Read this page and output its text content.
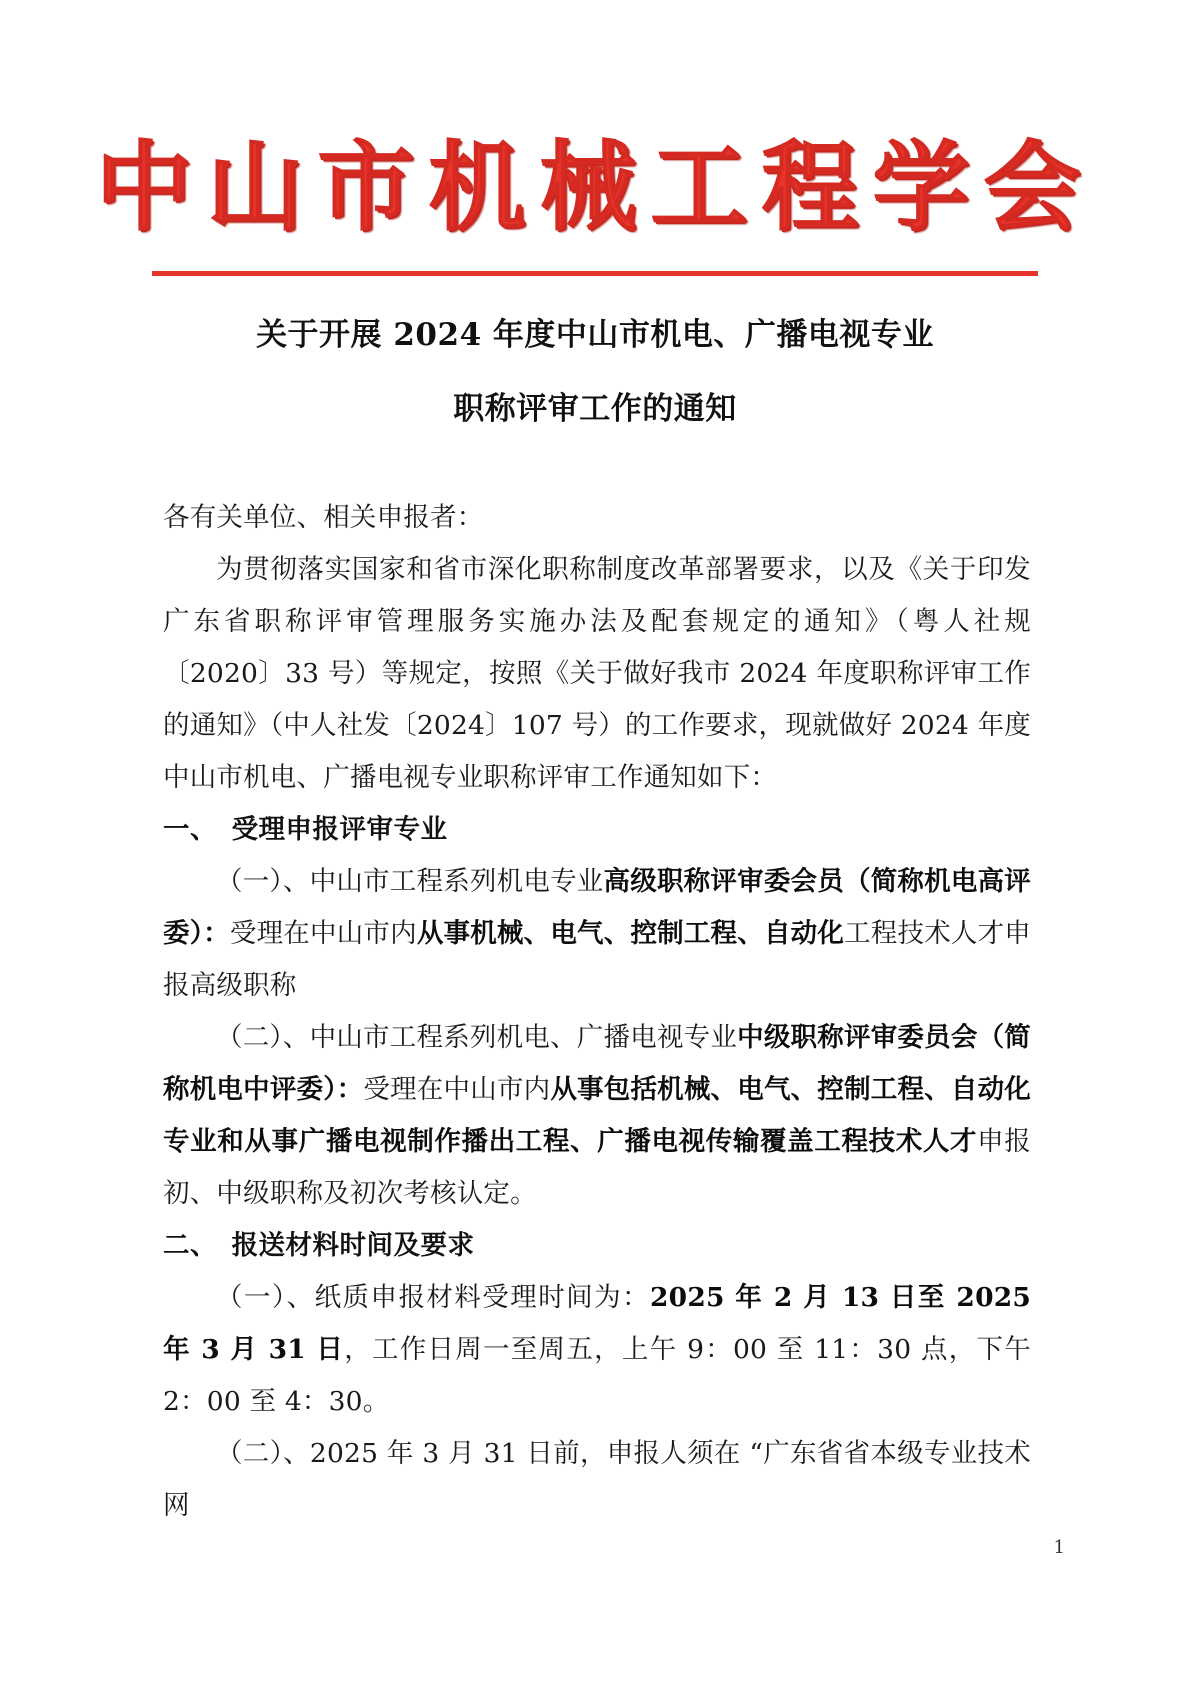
中山市机械工程学会
关于开展 2024 年度中山市机电、广播电视专业
职称评审工作的通知

各有关单位、相关申报者：

为贯彻落实国家和省市深化职称制度改革部署要求，以及《关于印发广东省职称评审管理服务实施办法及配套规定的通知》（粤人社规〔2020〕33 号）等规定，按照《关于做好我市 2024 年度职称评审工作的通知》（中人社发〔2024〕107 号）的工作要求，现就做好 2024 年度中山市机电、广播电视专业职称评审工作通知如下：

一、 受理申报评审专业

（一）、中山市工程系列机电专业高级职称评审委会员（简称机电高评委）：受理在中山市内从事机械、电气、控制工程、自动化工程技术人才申报高级职称

（二）、中山市工程系列机电、广播电视专业中级职称评审委员会（简称机电中评委）：受理在中山市内从事包括机械、电气、控制工程、自动化专业和从事广播电视制作播出工程、广播电视传输覆盖工程技术人才申报初、中级职称及初次考核认定。

二、 报送材料时间及要求

（一）、纸质申报材料受理时间为：2025 年 2 月 13 日至 2025 年 3 月 31 日，工作日周一至周五，上午 9：00 至 11：30 点，下午 2：00 至 4：30。

（二）、2025 年 3 月 31 日前，申报人须在 “广东省省本级专业技术网

1
